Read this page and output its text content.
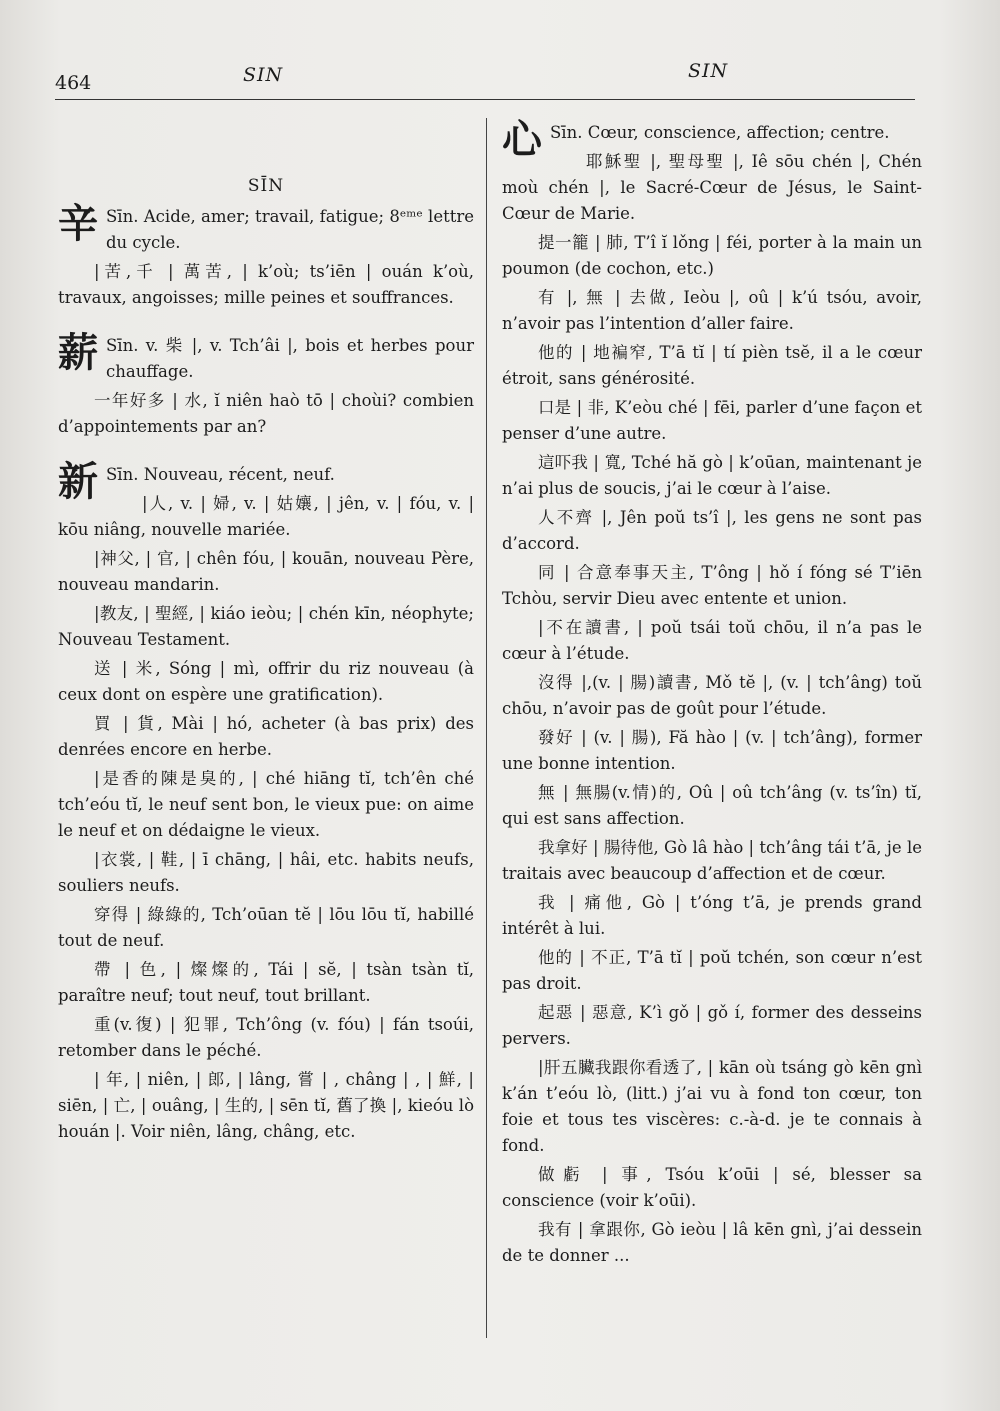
464	SIN	SIN
SĪN
辛 Sīn. Acide, amer; travail, fatigue; 8ᵉᵐᵉ lettre du cycle.
|苦,千 | 萬苦, | k’où; ts’iēn | ouán k’où, travaux, angoisses; mille peines et souffrances.
薪 Sīn. v. 柴 |, v. Tch’âi |, bois et herbes pour chauffage.
一年好多 | 水, ĭ niên haò tō | choùi? combien d’appointements par an?
新 Sīn. Nouveau, récent, neuf.
|人, v. | 婦, v. | 姑孃, | jên, v. | fóu, v. | kōu niâng, nouvelle mariée.
|神父, | 官, | chên fóu, | kouān, nouveau Père, nouveau mandarin.
|教友, | 聖經, | kiáo ieòu; | chén kīn, néophyte; Nouveau Testament.
送 | 米, Sóng | mì, offrir du riz nouveau (à ceux dont on espère une gratification).
買 | 貨, Mài | hó, acheter (à bas prix) des denrées encore en herbe.
|是香的陳是臭的, | ché hiāng tĭ, tch’ên ché tch’eóu tĭ, le neuf sent bon, le vieux pue: on aime le neuf et on dédaigne le vieux.
|衣裳, | 鞋, | ī chāng, | hâi, etc. habits neufs, souliers neufs.
穿得 | 綠綠的, Tch’oūan tĕ | lōu lōu tĭ, habillé tout de neuf.
帶 | 色, | 燦燦的, Tái | sĕ, | tsàn tsàn tĭ, paraître neuf; tout neuf, tout brillant.
重(v.復) | 犯罪, Tch’ông (v. fóu) | fán tsoúi, retomber dans le péché.
| 年, | niên, | 郎, | lâng, 嘗 | , châng | , | 鮮, | siēn, | 亡, | ouâng, | 生的, | sēn tĭ, 舊了換 |, kieóu lò houán |. Voir niên, lâng, châng, etc.
心 Sīn. Cœur, conscience, affection; centre.
耶穌聖 |, 聖母聖 |, Iê sōu chén |, Chén moù chén |, le Sacré-Cœur de Jésus, le Saint-Cœur de Marie.
提一籠 | 肺, T’î ĭ lǒng | féi, porter à la main un poumon (de cochon, etc.)
有 |, 無 | 去做, Ieòu |, oû | k’ú tsóu, avoir, n’avoir pas l’intention d’aller faire.
他的 | 地褊窄, T’ā tĭ | tí pièn tsĕ, il a le cœur étroit, sans générosité.
口是 | 非, K’eòu ché | fēi, parler d’une façon et penser d’une autre.
這吓我 | 寬, Tché hă gò | k’oūan, maintenant je n’ai plus de soucis, j’ai le cœur à l’aise.
人不齊 |, Jên poŭ ts’î |, les gens ne sont pas d’accord.
同 | 合意奉事天主, T’ông | hǒ í fóng sé T’iēn Tchòu, servir Dieu avec entente et union.
|不在讀書, | poŭ tsái toŭ chōu, il n’a pas le cœur à l’étude.
沒得 |,(v. | 腸)讀書, Mǒ tĕ |, (v. | tch’âng) toŭ chōu, n’avoir pas de goût pour l’étude.
發好 | (v. | 腸), Fă hào | (v. | tch’âng), former une bonne intention.
無 | 無腸(v.情)的, Oû | oû tch’âng (v. ts’în) tĭ, qui est sans affection.
我拿好 | 腸待他, Gò lâ hào | tch’âng tái t’ā, je le traitais avec beaucoup d’affection et de cœur.
我 | 痛他, Gò | t’óng t’ā, je prends grand intérêt à lui.
他的 | 不正, T’ā tĭ | poŭ tchén, son cœur n’est pas droit.
起惡 | 惡意, K’ì gǒ | gǒ í, former des desseins pervers.
|肝五臟我跟你看透了, | kān où tsáng gò kēn gnì k’án t’eóu lò, (litt.) j’ai vu à fond ton cœur, ton foie et tous tes viscères: c.-à-d. je te connais à fond.
做虧 | 事, Tsóu k’oūi | sé, blesser sa conscience (voir k’oūi).
我有 | 拿跟你, Gò ieòu | lâ kēn gnì, j’ai dessein de te donner ...
